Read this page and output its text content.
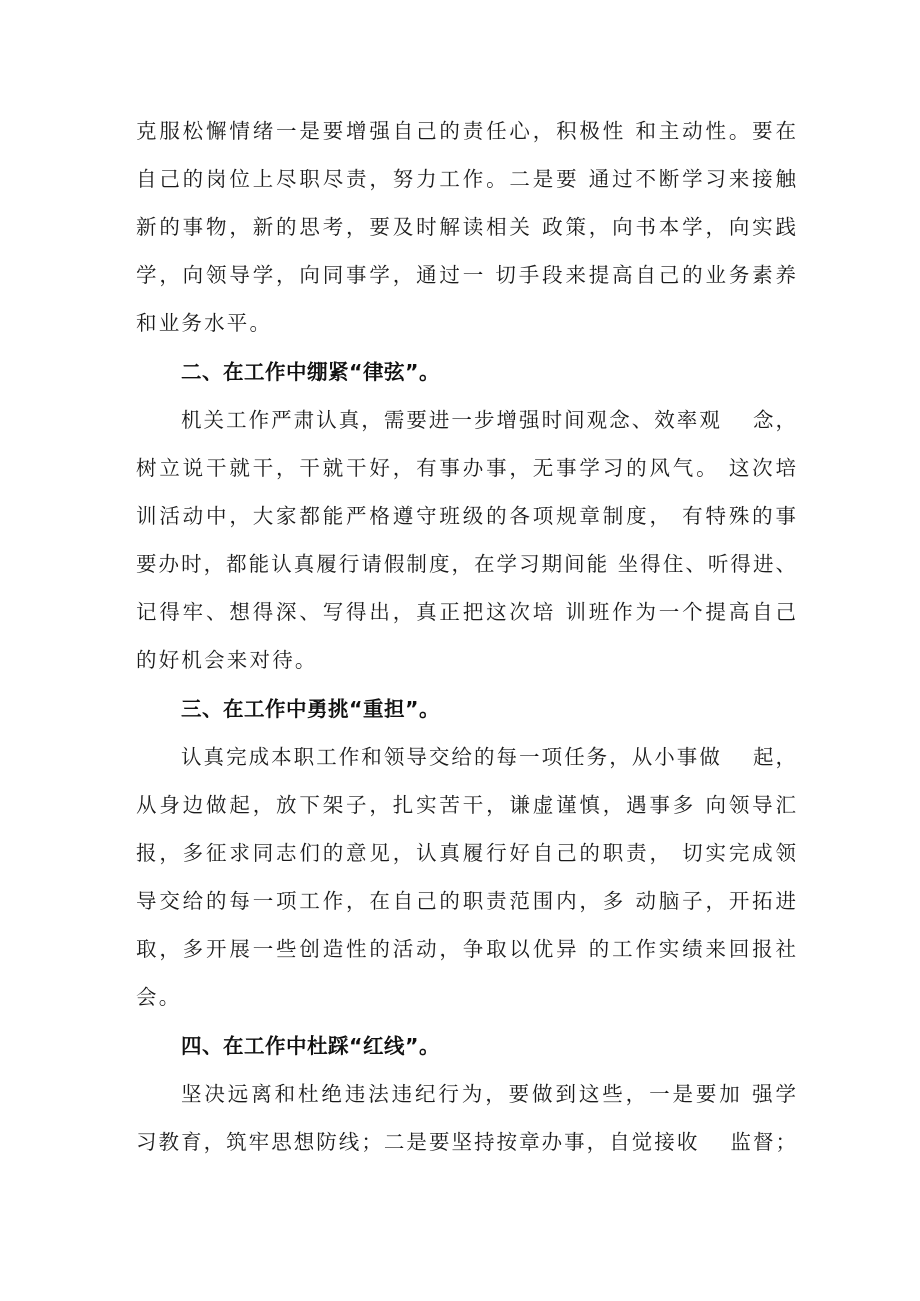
克服松懈情绪一是要增强自己的责任心，积极性 和主动性。要在
自己的岗位上尽职尽责，努力工作。二是要 通过不断学习来接触
新的事物，新的思考，要及时解读相关 政策，向书本学，向实践
学，向领导学，向同事学，通过一 切手段来提高自己的业务素养
和业务水平。
二、在工作中绷紧“律弦”。
机关工作严肃认真，需要进一步增强时间观念、效率观　 念，
树立说干就干，干就干好，有事办事，无事学习的风气。 这次培
训活动中，大家都能严格遵守班级的各项规章制度， 有特殊的事
要办时，都能认真履行请假制度，在学习期间能 坐得住、听得进、
记得牢、想得深、写得出，真正把这次培 训班作为一个提高自己
的好机会来对待。
三、在工作中勇挑“重担”。
认真完成本职工作和领导交给的每一项任务，从小事做　 起，
从身边做起，放下架子，扎实苦干，谦虚谨慎，遇事多 向领导汇
报，多征求同志们的意见，认真履行好自己的职责， 切实完成领
导交给的每一项工作，在自己的职责范围内，多 动脑子，开拓进
取，多开展一些创造性的活动，争取以优异 的工作实绩来回报社
会。
四、在工作中杜踩“红线”。
坚决远离和杜绝违法违纪行为，要做到这些，一是要加 强学
习教育，筑牢思想防线；二是要坚持按章办事，自觉接收　 监督；
